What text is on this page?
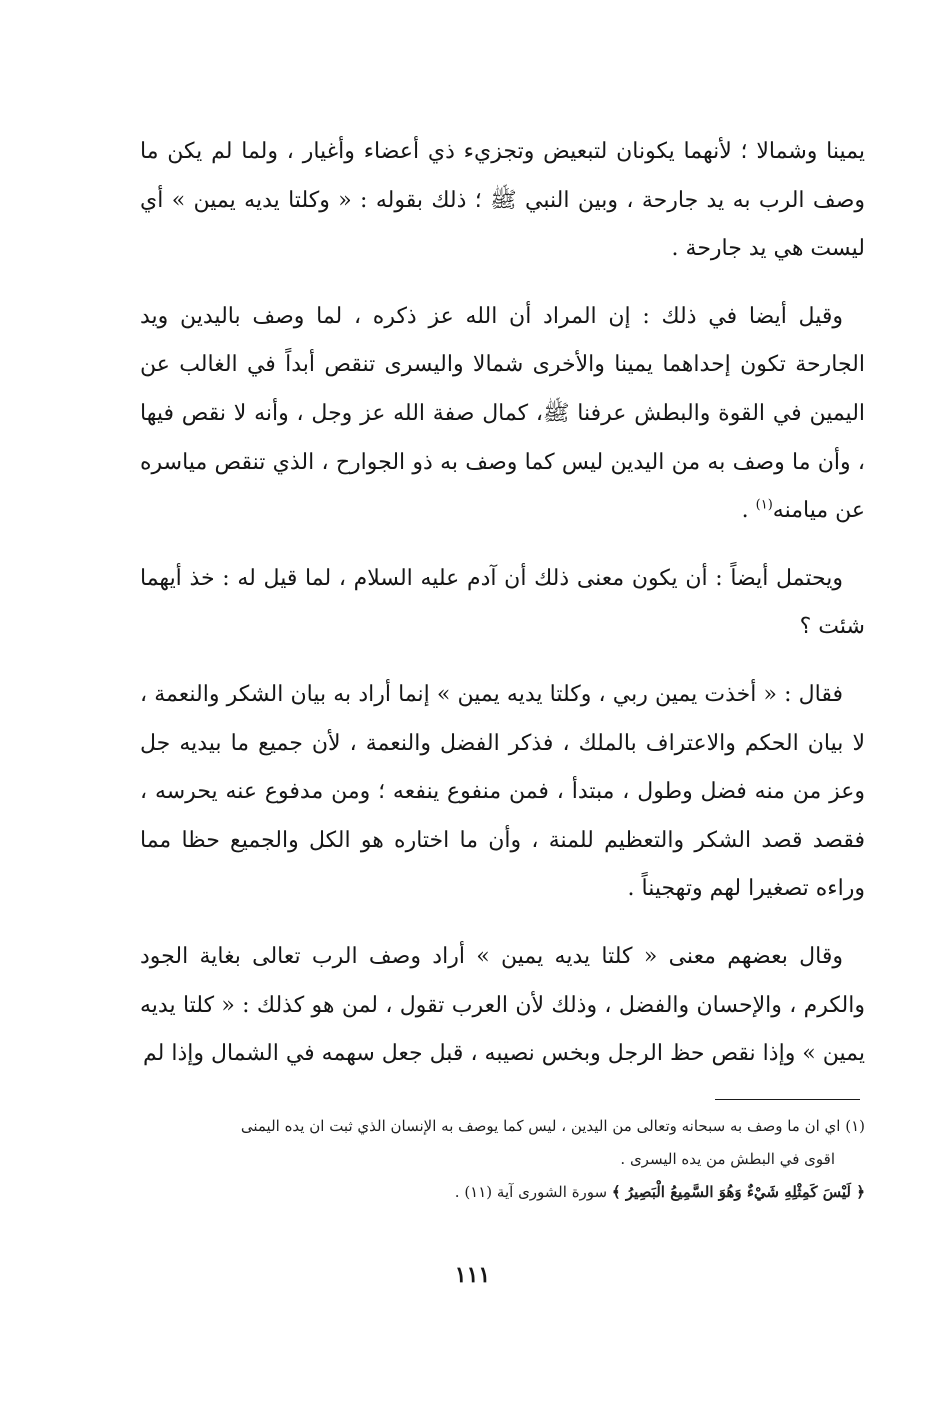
يمينا وشمالا ؛ لأنهما يكونان لتبعيض وتجزيء ذي أعضاء وأغيار ، ولما لم يكن ما وصف الرب به يد جارحة ، وبين النبي ﷺ ؛ ذلك بقوله : « وكلتا يديه يمين » أي ليست هي يد جارحة .

وقيل أيضا في ذلك : إن المراد أن الله عز ذكره ، لما وصف باليدين ويد الجارحة تكون إحداهما يمينا والأخرى شمالا واليسرى تنقص أبداً في الغالب عن اليمين في القوة والبطش عرفنا ﷺ، كمال صفة الله عز وجل ، وأنه لا نقص فيها ، وأن ما وصف به من اليدين ليس كما وصف به ذو الجوارح ، الذي تنقص مياسره عن ميامنه$^{(١)}$ .

ويحتمل أيضاً : أن يكون معنى ذلك أن آدم عليه السلام ، لما قيل له : خذ أيهما شئت ؟

فقال : « أخذت يمين ربي ، وكلتا يديه يمين » إنما أراد به بيان الشكر والنعمة ، لا بيان الحكم والاعتراف بالملك ، فذكر الفضل والنعمة ، لأن جميع ما بيديه جل وعز من منه فضل وطول ، مبتدأ ، فمن منفوع ينفعه ؛ ومن مدفوع عنه يحرسه ، فقصد قصد الشكر والتعظيم للمنة ، وأن ما اختاره هو الكل والجميع حظا مما وراءه تصغيرا لهم وتهجيناً .

وقال بعضهم معنى « كلتا يديه يمين » أراد وصف الرب تعالى بغاية الجود والكرم ، والإحسان والفضل ، وذلك لأن العرب تقول ، لمن هو كذلك : « كلتا يديه يمين » وإذا نقص حظ الرجل وبخس نصيبه ، قبل جعل سهمه في الشمال وإذا لم

(١) اي ان ما وصف به سبحانه وتعالى من اليدين ، ليس كما يوصف به الإنسان الذي ثبت ان يده اليمنى

اقوى في البطش من يده اليسرى .

﴿ لَيْسَ كَمِثْلِهِ شَيْءٌ وَهُوَ السَّمِيعُ الْبَصِيرُ ﴾ سورة الشورى آية (١١) .

١١١
